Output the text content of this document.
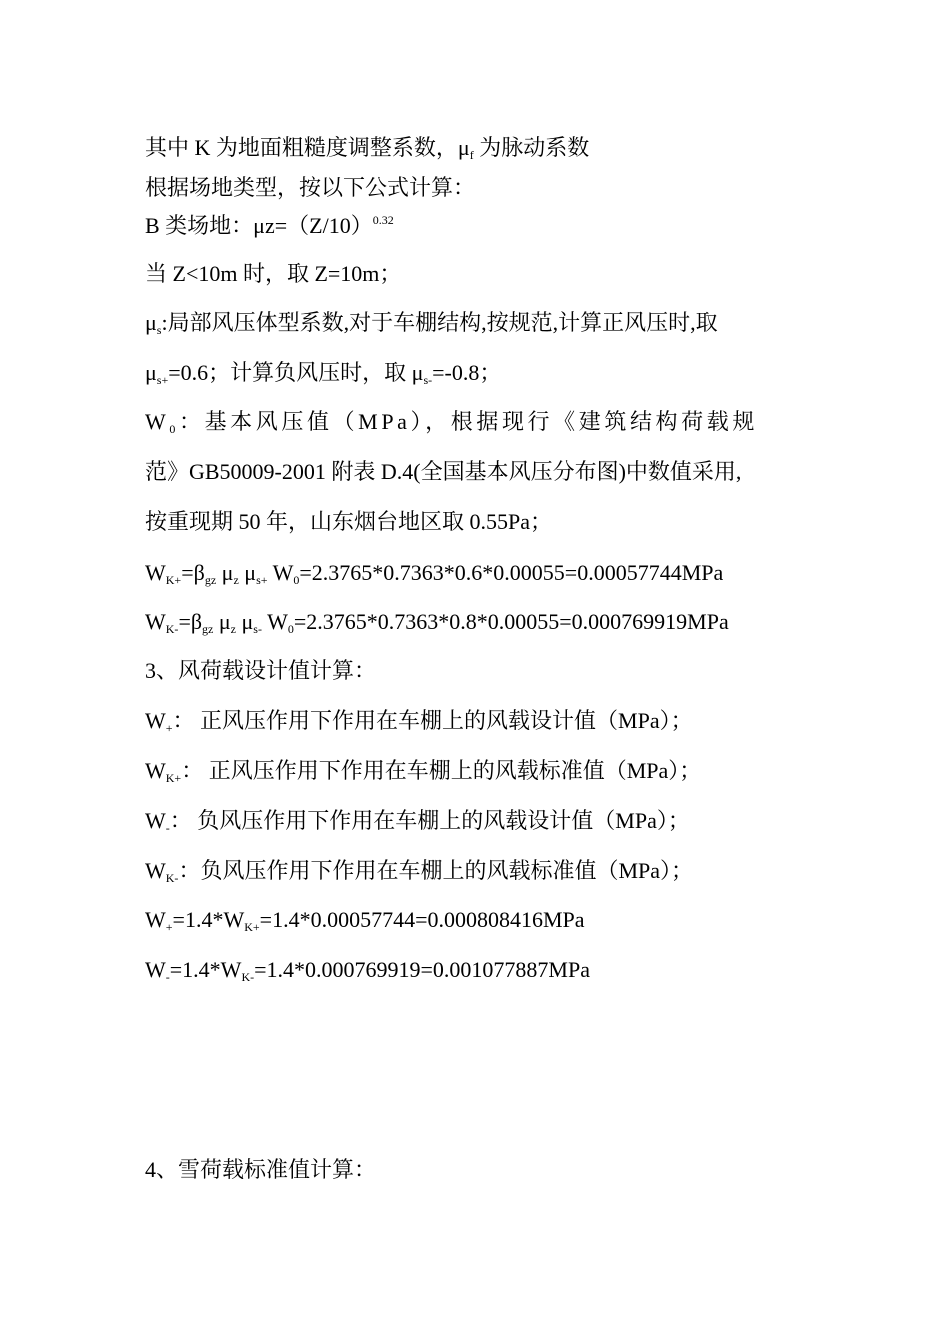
其中 K 为地面粗糙度调整系数，$\mu_f$ 为脉动系数
根据场地类型，按以下公式计算：
B 类场地：$\mu z=(Z/10)^{0.32}$
当 Z<10m 时，取 Z=10m；
$\mu_s$:局部风压体型系数,对于车棚结构,按规范,计算正风压时,取
$\mu_{s+}=0.6$；计算负风压时，取 $\mu_{s-}=-0.8$；
$W_0$：基本风压值（MPa），根据现行《建筑结构荷载规
范》GB50009-2001 附表 D.4(全国基本风压分布图)中数值采用,
按重现期 50 年，山东烟台地区取 0.55Pa；
$W_{K+}=\beta_{gz}$ $\mu_z$ $\mu_{s+}$ $W_0=2.3765*0.7363*0.6*0.00055=0.00057744MPa$
$W_{K-}=\beta_{gz}$ $\mu_z$ $\mu_{s-}$ $W_0=2.3765*0.7363*0.8*0.00055=0.000769919MPa$
3、风荷载设计值计算：
$W_+$： 正风压作用下作用在车棚上的风载设计值（MPa）；
$W_{K+}$： 正风压作用下作用在车棚上的风载标准值（MPa）；
$W_-$： 负风压作用下作用在车棚上的风载设计值（MPa）；
$W_{K-}$：负风压作用下作用在车棚上的风载标准值（MPa）；
$W_+=1.4*W_{K+}=1.4*0.00057744=0.000808416MPa$
$W_-=1.4*W_{K-}=1.4*0.000769919=0.001077887MPa$
4、雪荷载标准值计算：
